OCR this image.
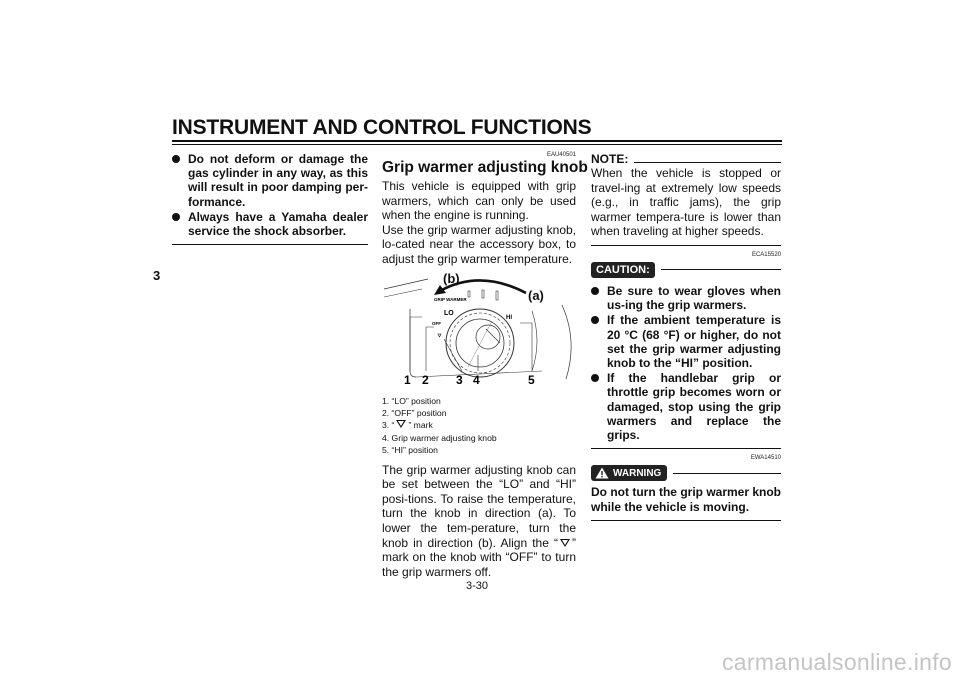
INSTRUMENT AND CONTROL FUNCTIONS
3
Do not deform or damage the gas cylinder in any way, as this will result in poor damping per-formance.
Always have a Yamaha dealer service the shock absorber.
EAU40501
Grip warmer adjusting knob

This vehicle is equipped with grip warmers, which can only be used when the engine is running.

Use the grip warmer adjusting knob, lo-cated near the accessory box, to adjust the grip warmer temperature.

GRIP WARMER
LO
HI
OFF
1 2 3 4	5
(b)
(a)
1. “LO” position
2. “OFF” position
3. “ ” mark
4. Grip warmer adjusting knob
5. “HI” position

The grip warmer adjusting knob can be set between the “LO” and “HI” posi-tions. To raise the temperature, turn the knob in direction (a). To lower the tem-perature, turn the knob in direction (b). Align the “ ” mark on the knob with “OFF” to turn the grip warmers off.

NOTE:

When the vehicle is stopped or travel-ing at extremely low speeds (e.g., in traffic jams), the grip warmer tempera-ture is lower than when traveling at higher speeds.

ECA15520
CAUTION:
Be sure to wear gloves when us-ing the grip warmers.
If the ambient temperature is 20 °C (68 °F) or higher, do not set the grip warmer adjusting knob to the “HI” position.
If the handlebar grip or throttle grip becomes worn or damaged, stop using the grip warmers and replace the grips.
EWA14510
WARNING

Do not turn the grip warmer knob while the vehicle is moving.

3-30
carmanualsonline.info
